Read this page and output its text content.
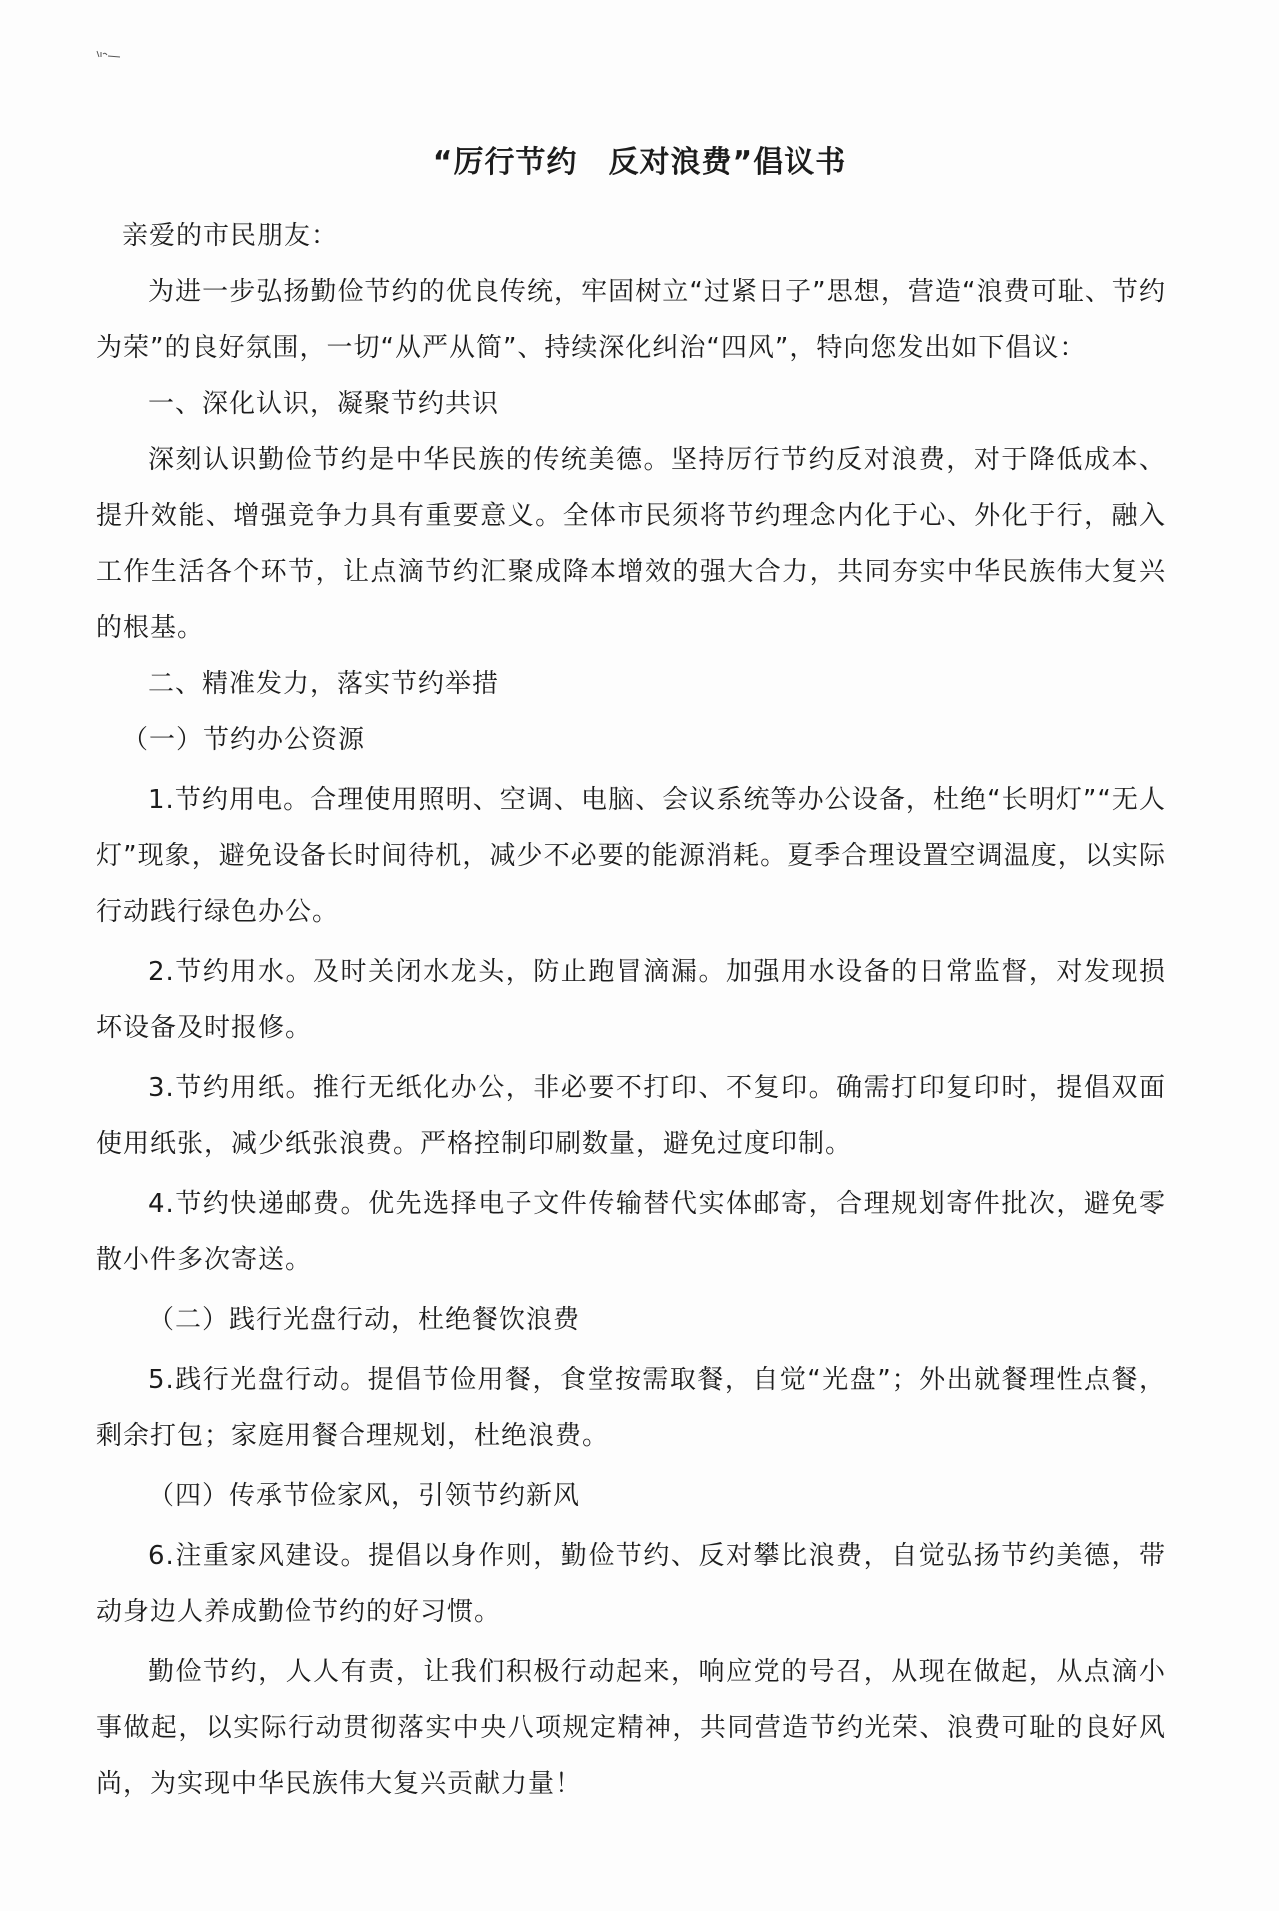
“厉行节约　反对浪费”倡议书

亲爱的市民朋友：

为进一步弘扬勤俭节约的优良传统，牢固树立“过紧日子”思想，营造“浪费可耻、节约为荣”的良好氛围，一切“从严从简”、持续深化纠治“四风”，特向您发出如下倡议：

一、深化认识，凝聚节约共识

深刻认识勤俭节约是中华民族的传统美德。坚持厉行节约反对浪费，对于降低成本、提升效能、增强竞争力具有重要意义。全体市民须将节约理念内化于心、外化于行，融入工作生活各个环节，让点滴节约汇聚成降本增效的强大合力，共同夯实中华民族伟大复兴的根基。

二、精准发力，落实节约举措

（一）节约办公资源

1.节约用电。合理使用照明、空调、电脑、会议系统等办公设备，杜绝“长明灯”“无人灯”现象，避免设备长时间待机，减少不必要的能源消耗。夏季合理设置空调温度，以实际行动践行绿色办公。

2.节约用水。及时关闭水龙头，防止跑冒滴漏。加强用水设备的日常监督，对发现损坏设备及时报修。

3.节约用纸。推行无纸化办公，非必要不打印、不复印。确需打印复印时，提倡双面使用纸张，减少纸张浪费。严格控制印刷数量，避免过度印制。

4.节约快递邮费。优先选择电子文件传输替代实体邮寄，合理规划寄件批次，避免零散小件多次寄送。

（二）践行光盘行动，杜绝餐饮浪费

5.践行光盘行动。提倡节俭用餐，食堂按需取餐，自觉“光盘”；外出就餐理性点餐，剩余打包；家庭用餐合理规划，杜绝浪费。

（四）传承节俭家风，引领节约新风

6.注重家风建设。提倡以身作则，勤俭节约、反对攀比浪费，自觉弘扬节约美德，带动身边人养成勤俭节约的好习惯。

勤俭节约，人人有责，让我们积极行动起来，响应党的号召，从现在做起，从点滴小事做起，以实际行动贯彻落实中央八项规定精神，共同营造节约光荣、浪费可耻的良好风尚，为实现中华民族伟大复兴贡献力量！
